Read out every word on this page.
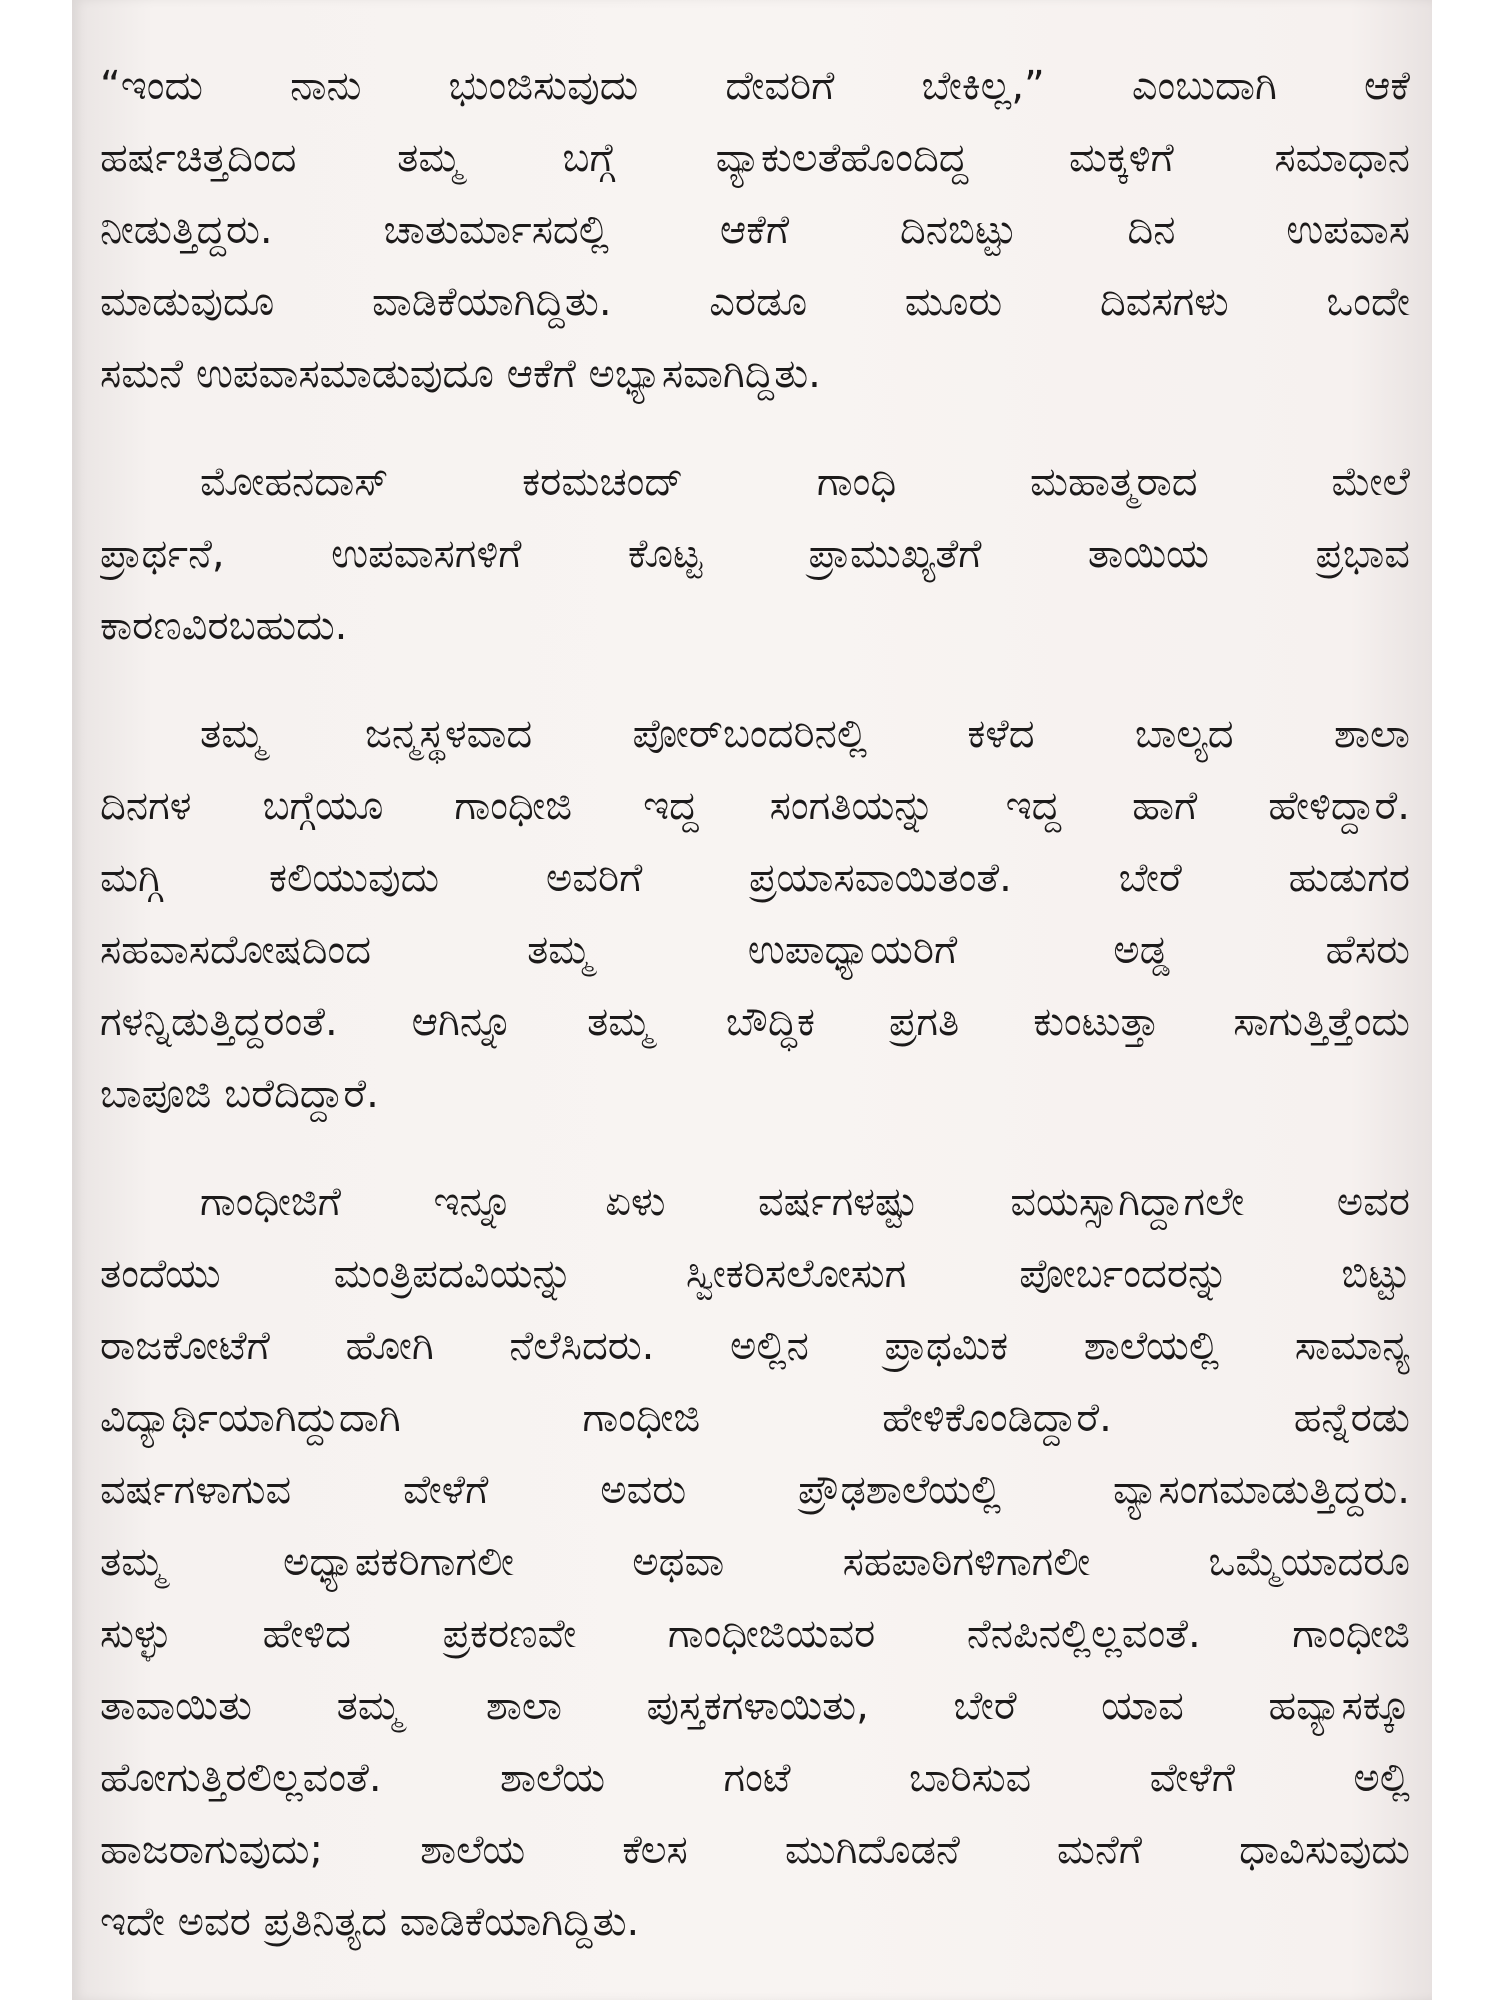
“ಇಂದು ನಾನು ಭುಂಜಿಸುವುದು ದೇವರಿಗೆ ಬೇಕಿಲ್ಲ,” ಎಂಬುದಾಗಿ ಆಕೆ
ಹರ್ಷಚಿತ್ತದಿಂದ ತಮ್ಮ ಬಗ್ಗೆ ವ್ಯಾಕುಲತೆಹೊಂದಿದ್ದ ಮಕ್ಕಳಿಗೆ ಸಮಾಧಾನ
ನೀಡುತ್ತಿದ್ದರು. ಚಾತುರ್ಮಾಸದಲ್ಲಿ ಆಕೆಗೆ ದಿನಬಿಟ್ಟು ದಿನ ಉಪವಾಸ
ಮಾಡುವುದೂ ವಾಡಿಕೆಯಾಗಿದ್ದಿತು. ಎರಡೂ ಮೂರು ದಿವಸಗಳು ಒಂದೇ
ಸಮನೆ ಉಪವಾಸಮಾಡುವುದೂ ಆಕೆಗೆ ಅಭ್ಯಾಸವಾಗಿದ್ದಿತು.
ಮೋಹನದಾಸ್ ಕರಮಚಂದ್ ಗಾಂಧಿ ಮಹಾತ್ಮರಾದ ಮೇಲೆ
ಪ್ರಾರ್ಥನೆ, ಉಪವಾಸಗಳಿಗೆ ಕೊಟ್ಟ ಪ್ರಾಮುಖ್ಯತೆಗೆ ತಾಯಿಯ ಪ್ರಭಾವ
ಕಾರಣವಿರಬಹುದು.
ತಮ್ಮ ಜನ್ಮಸ್ಥಳವಾದ ಪೋರ್‌ಬಂದರಿನಲ್ಲಿ ಕಳೆದ ಬಾಲ್ಯದ ಶಾಲಾ
ದಿನಗಳ ಬಗ್ಗೆಯೂ ಗಾಂಧೀಜಿ ಇದ್ದ ಸಂಗತಿಯನ್ನು ಇದ್ದ ಹಾಗೆ ಹೇಳಿದ್ದಾರೆ.
ಮಗ್ಗಿ ಕಲಿಯುವುದು ಅವರಿಗೆ ಪ್ರಯಾಸವಾಯಿತಂತೆ. ಬೇರೆ ಹುಡುಗರ
ಸಹವಾಸದೋಷದಿಂದ ತಮ್ಮ ಉಪಾಧ್ಯಾಯರಿಗೆ ಅಡ್ಡ ಹೆಸರು
ಗಳನ್ನಿಡುತ್ತಿದ್ದರಂತೆ. ಆಗಿನ್ನೂ ತಮ್ಮ ಬೌದ್ಧಿಕ ಪ್ರಗತಿ ಕುಂಟುತ್ತಾ ಸಾಗುತ್ತಿತ್ತೆಂದು
ಬಾಪೂಜಿ ಬರೆದಿದ್ದಾರೆ.
ಗಾಂಧೀಜಿಗೆ ಇನ್ನೂ ಏಳು ವರ್ಷಗಳಷ್ಟು ವಯಸ್ಸಾಗಿದ್ದಾಗಲೇ ಅವರ
ತಂದೆಯು ಮಂತ್ರಿಪದವಿಯನ್ನು ಸ್ವೀಕರಿಸಲೋಸುಗ ಪೋರ್ಬಂದರನ್ನು ಬಿಟ್ಟು
ರಾಜಕೋಟೆಗೆ ಹೋಗಿ ನೆಲೆಸಿದರು. ಅಲ್ಲಿನ ಪ್ರಾಥಮಿಕ ಶಾಲೆಯಲ್ಲಿ ಸಾಮಾನ್ಯ
ವಿದ್ಯಾರ್ಥಿಯಾಗಿದ್ದುದಾಗಿ ಗಾಂಧೀಜಿ ಹೇಳಿಕೊಂಡಿದ್ದಾರೆ. ಹನ್ನೆರಡು
ವರ್ಷಗಳಾಗುವ ವೇಳೆಗೆ ಅವರು ಪ್ರೌಢಶಾಲೆಯಲ್ಲಿ ವ್ಯಾಸಂಗಮಾಡುತ್ತಿದ್ದರು.
ತಮ್ಮ ಅಧ್ಯಾಪಕರಿಗಾಗಲೀ ಅಥವಾ ಸಹಪಾಠಿಗಳಿಗಾಗಲೀ ಒಮ್ಮೆಯಾದರೂ
ಸುಳ್ಳು ಹೇಳಿದ ಪ್ರಕರಣವೇ ಗಾಂಧೀಜಿಯವರ ನೆನಪಿನಲ್ಲಿಲ್ಲವಂತೆ. ಗಾಂಧೀಜಿ
ತಾವಾಯಿತು ತಮ್ಮ ಶಾಲಾ ಪುಸ್ತಕಗಳಾಯಿತು, ಬೇರೆ ಯಾವ ಹವ್ಯಾಸಕ್ಕೂ
ಹೋಗುತ್ತಿರಲಿಲ್ಲವಂತೆ. ಶಾಲೆಯ ಗಂಟೆ ಬಾರಿಸುವ ವೇಳೆಗೆ ಅಲ್ಲಿ
ಹಾಜರಾಗುವುದು; ಶಾಲೆಯ ಕೆಲಸ ಮುಗಿದೊಡನೆ ಮನೆಗೆ ಧಾವಿಸುವುದು
ಇದೇ ಅವರ ಪ್ರತಿನಿತ್ಯದ ವಾಡಿಕೆಯಾಗಿದ್ದಿತು.
